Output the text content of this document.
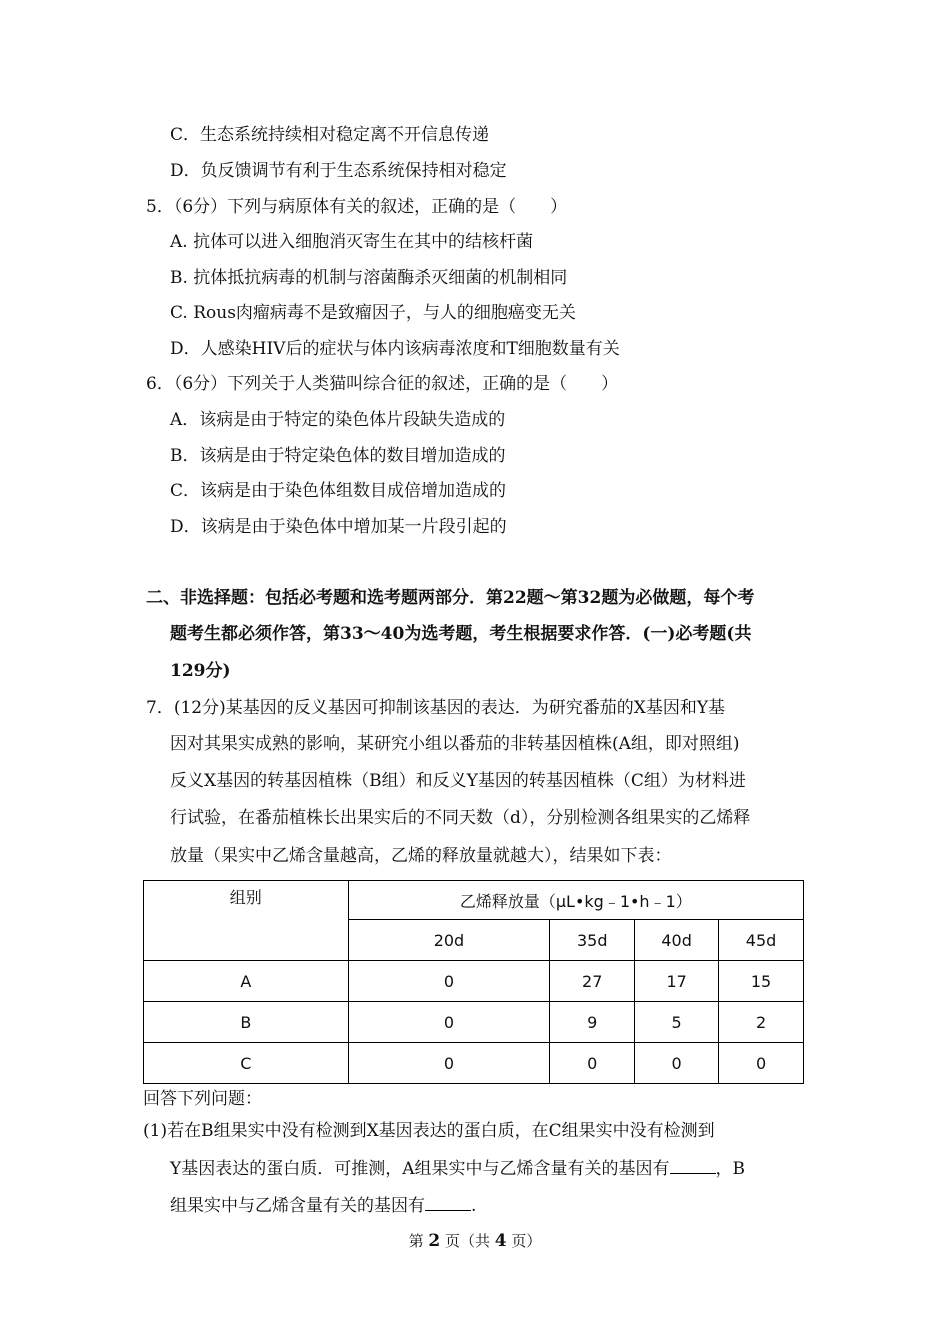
C．生态系统持续相对稳定离不开信息传递
D．负反馈调节有利于生态系统保持相对稳定
5．（6分）下列与病原体有关的叙述，正确的是（　　）
A. 抗体可以进入细胞消灭寄生在其中的结核杆菌
B. 抗体抵抗病毒的机制与溶菌酶杀灭细菌的机制相同
C. Rous肉瘤病毒不是致瘤因子，与人的细胞癌变无关
D．人感染HIV后的症状与体内该病毒浓度和T细胞数量有关
6．（6分）下列关于人类猫叫综合征的叙述，正确的是（　　）
A．该病是由于特定的染色体片段缺失造成的
B．该病是由于特定染色体的数目增加造成的
C．该病是由于染色体组数目成倍增加造成的
D．该病是由于染色体中增加某一片段引起的
二、非选择题：包括必考题和选考题两部分．第22题～第32题为必做题，每个考
题考生都必须作答，第33～40为选考题，考生根据要求作答．(一)必考题(共
129分)
7．(12分)某基因的反义基因可抑制该基因的表达．为研究番茄的X基因和Y基
因对其果实成熟的影响，某研究小组以番茄的非转基因植株(A组，即对照组)
反义X基因的转基因植株（B组）和反义Y基因的转基因植株（C组）为材料进
行试验，在番茄植株长出果实后的不同天数（d），分别检测各组果实的乙烯释
放量（果实中乙烯含量越高，乙烯的释放量就越大），结果如下表：
组别	乙烯释放量（μL•kg﹣1•h﹣1）			
	20d	35d	40d	45d
A	0	27	17	15
B	0	9	5	2
C	0	0	0	0
回答下列问题：
(1)若在B组果实中没有检测到X基因表达的蛋白质，在C组果实中没有检测到
Y基因表达的蛋白质．可推测，A组果实中与乙烯含量有关的基因有	，B
组果实中与乙烯含量有关的基因有	.
第 2 页（共 4 页）
